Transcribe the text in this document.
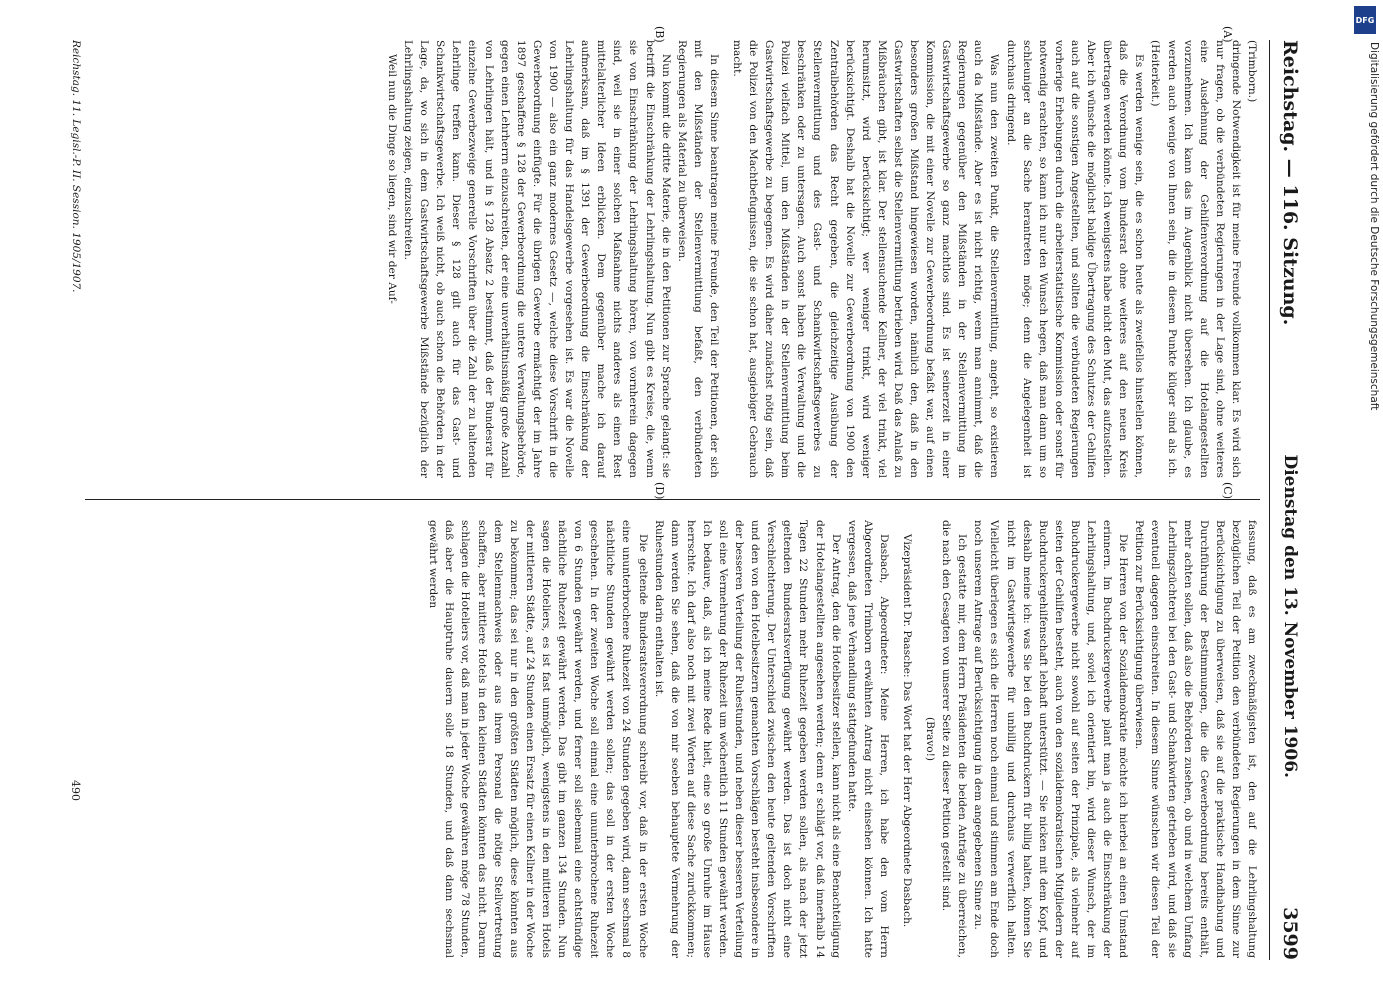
Reichstag. — 116. Sitzung.
Dienstag den 13. November 1906.
3599
(A)
(B)
(C)
(D)

(Trimborn.)

dringende Notwendigkeit ist für meine Freunde vollkommen klar. Es wird sich nur fragen, ob die verbündeten Regierungen in der Lage sind, ohne weiteres eine Ausdehnung der Gehilfenverordnung auf die Hotelangestellten vorzunehmen. Ich kann das im Augenblick nicht übersehen. Ich glaube, es werden auch wenige von Ihnen sein, die in diesem Punkte klüger sind als ich. (Heiterkeit.)

Es werden wenige sein, die es schon heute als zweifellos hinstellen können, daß die Verordnung vom Bundesrat ohne weiteres auf den neuen Kreis übertragen werden könnte. Ich wenigstens habe nicht den Mut, das aufzustellen. Aber ich wünsche die möglichst baldige Übertragung des Schutzes der Gehilfen auch auf die sonstigen Angestellten, und sollten die verbündeten Regierungen vorherige Erhebungen durch die arbeiterstatistische Kommission oder sonst für notwendig erachten, so kann ich nur den Wunsch hegen, daß man dann um so schleuniger an die Sache herantreten möge; denn die Angelegenheit ist durchaus dringend.

Was nun den zweiten Punkt, die Stellenvermittlung, angeht, so existieren auch da Mißstände. Aber es ist nicht richtig, wenn man annimmt, daß die Regierungen gegenüber den Mißständen in der Stellenvermittlung im Gastwirtschaftsgewerbe so ganz machtlos sind. Es ist seinerzeit in einer Kommission, die mit einer Novelle zur Gewerbeordnung befaßt war, auf einen besonders großen Mißstand hingewiesen worden, nämlich den, daß in den Gastwirtschaften selbst die Stellenvermittlung betrieben wird. Daß das Anlaß zu Mißbräuchen gibt, ist klar. Der stellensuchende Kellner, der viel trinkt, viel herumsitzt, wird berücksichtigt; wer weniger trinkt, wird weniger berücksichtigt. Deshalb hat die Novelle zur Gewerbeordnung von 1900 den Zentralbehörden das Recht gegeben, die gleichzeitige Ausübung der Stellenvermittlung und des Gast- und Schankwirtschaftsgewerbes zu beschränken oder zu untersagen. Auch sonst haben die Verwaltung und die Polizei vielfach Mittel, um den Mißständen in der Stellenvermittlung beim Gastwirtschaftsgewerbe zu begegnen. Es wird daher zunächst nötig sein, daß die Polizei von den Machtbefugnissen, die sie schon hat, ausgiebiger Gebrauch macht.

In diesem Sinne beantragen meine Freunde, den Teil der Petitionen, der sich mit den Mißständen der Stellenvermittlung befaßt, den verbündeten Regierungen als Material zu überweisen.

Nun kommt die dritte Materie, die in den Petitionen zur Sprache gelangt: sie betrifft die Einschränkung der Lehrlingshaltung. Nun gibt es Kreise, die, wenn sie von Einschränkung der Lehrlingshaltung hören, von vornherein dagegen sind, weil sie in einer solchen Maßnahme nichts anderes als einen Rest mittelalterlicher Ideen erblicken. Dem gegenüber mache ich darauf aufmerksam, daß im § 1391 der Gewerbeordnung die Einschränkung der Lehrlingshaltung für das Handelsgewerbe vorgesehen ist. Es war die Novelle von 1900 — also ein ganz modernes Gesetz —, welche diese Vorschrift in die Gewerbeordnung einfügte. Für die übrigen Gewerbe ermächtigt der im Jahre 1897 geschaffene § 128 der Gewerbeordnung die untere Verwaltungsbehörde, gegen einen Lehrherrn einzuschreiten, der eine unverhältnismäßig große Anzahl von Lehrlingen hält, und in § 128 Absatz 2 bestimmt, daß der Bundesrat für einzelne Gewerbezweige generelle Vorschriften über die Zahl der zu haltenden Lehrlinge treffen kann. Dieser § 128 gilt auch für das Gast- und Schankwirtschaftsgewerbe. Ich weiß nicht, ob auch schon die Behörden in der Lage, da, wo sich in dem Gastwirtschaftsgewerbe Mißstände bezüglich der Lehrlingshaltung zeigen, einzuschreiten.

Weil nun die Dinge so liegen, sind wir der Auf-

fassung, daß es am zweckmäßigsten ist, den auf die Lehrlingshaltung bezüglichen Teil der Petition den verbündeten Regierungen in dem Sinne zur Berücksichtigung zu überweisen, daß sie auf die praktische Handhabung und Durchführung der Bestimmungen, die die Gewerbeordnung bereits enthält, mehr achten sollen, daß also die Behörden zusehen, ob und in welchem Umfang Lehrlingszüchterei bei den Gast- und Schankwirten getrieben wird, und daß sie eventuell dagegen einschreiten. In diesem Sinne wünschen wir diesen Teil der Petition zur Berücksichtigung überwiesen.

Die Herren von der Sozialdemokratie möchte ich hierbei an einen Umstand erinnern. Im Buchdruckergewerbe plant man ja auch die Einschränkung der Lehrlingshaltung, und, soviel ich orientiert bin, wird dieser Wunsch, der im Buchdruckergewerbe nicht sowohl auf seiten der Prinzipale, als vielmehr auf seiten der Gehilfen besteht, auch von den sozialdemokratischen Mitgliedern der Buchdruckergehilfenschaft lebhaft unterstützt. — Sie nicken mit dem Kopf, und deshalb meine ich: was Sie bei den Buchdruckern für billig halten, können Sie nicht im Gastwirtsgewerbe für unbillig und durchaus verwerflich halten. Vielleicht überlegen es sich die Herren noch einmal und stimmen am Ende doch noch unserem Antrage auf Berücksichtigung in dem angegebenen Sinne zu.

Ich gestatte mir, dem Herrn Präsidenten die beiden Anträge zu überreichen, die nach den Gesagten von unserer Seite zu dieser Petition gestellt sind.

(Bravo!)

Vizepräsident Dr. Paasche: Das Wort hat der Herr Abgeordnete Dasbach.

Dasbach, Abgeordneter: Meine Herren, ich habe den vom Herrn Abgeordneten Trimborn erwähnten Antrag nicht einsehen können. Ich hatte vergessen, daß jene Verhandlung stattgefunden hatte.

Der Antrag, den die Hotelbesitzer stellen, kann nicht als eine Benachteiligung der Hotelangestellten angesehen werden; denn er schlägt vor, daß innerhalb 14 Tagen 22 Stunden mehr Ruhezeit gegeben werden sollen, als nach der jetzt geltenden Bundesratsverfügung gewährt werden. Das ist doch nicht eine Verschlechterung. Der Unterschied zwischen den heute geltenden Vorschriften und den von den Hotelbesitzern gemachten Vorschlägen besteht insbesondere in der besseren Verteilung der Ruhestunden, und neben dieser besseren Verteilung soll eine Vermehrung der Ruhezeit um wöchentlich 11 Stunden gewährt werden. Ich bedaure, daß, als ich meine Rede hielt, eine so große Unruhe im Hause herrschte. Ich darf also noch mit zwei Worten auf diese Sache zurückkommen; dann werden Sie sehen, daß die von mir soeben behauptete Vermehrung der Ruhestunden darin enthalten ist.

Die geltende Bundesratsverordnung schreibt vor, daß in der ersten Woche eine ununterbrochene Ruhezeit von 24 Stunden gegeben wird, dann sechsmal 8 nächtliche Stunden gewährt werden sollen; das soll in der ersten Woche geschehen. In der zweiten Woche soll einmal eine ununterbrochene Ruhezeit von 6 Stunden gewährt werden, und ferner soll siebenmal eine achtstündige nächtliche Ruhezeit gewährt werden. Das gibt im ganzen 134 Stunden. Nun sagen die Hoteliers, es ist fast unmöglich, wenigstens in den mittleren Hotels der mittleren Städte, auf 24 Stunden einen Ersatz für einen Kellner in der Woche zu bekommen; das sei nur in den größten Städten möglich, diese könnten aus dem Stellenmachweis oder aus ihrem Personal die nötige Stellvertretung schaffen, aber mittlere Hotels in den kleinen Städten könnten das nicht. Darum schlagen die Hoteliers vor, daß man in jeder Woche gewähren möge 78 Stunden, daß aber die Hauptruhe dauern solle 18 Stunden, und daß dann sechsmal gewährt werden

Reichstag. 11. Legisl.-P. II. Session. 1905/1907.
490
DFG
Digitalisierung gefördert durch die Deutsche Forschungsgemeinschaft
